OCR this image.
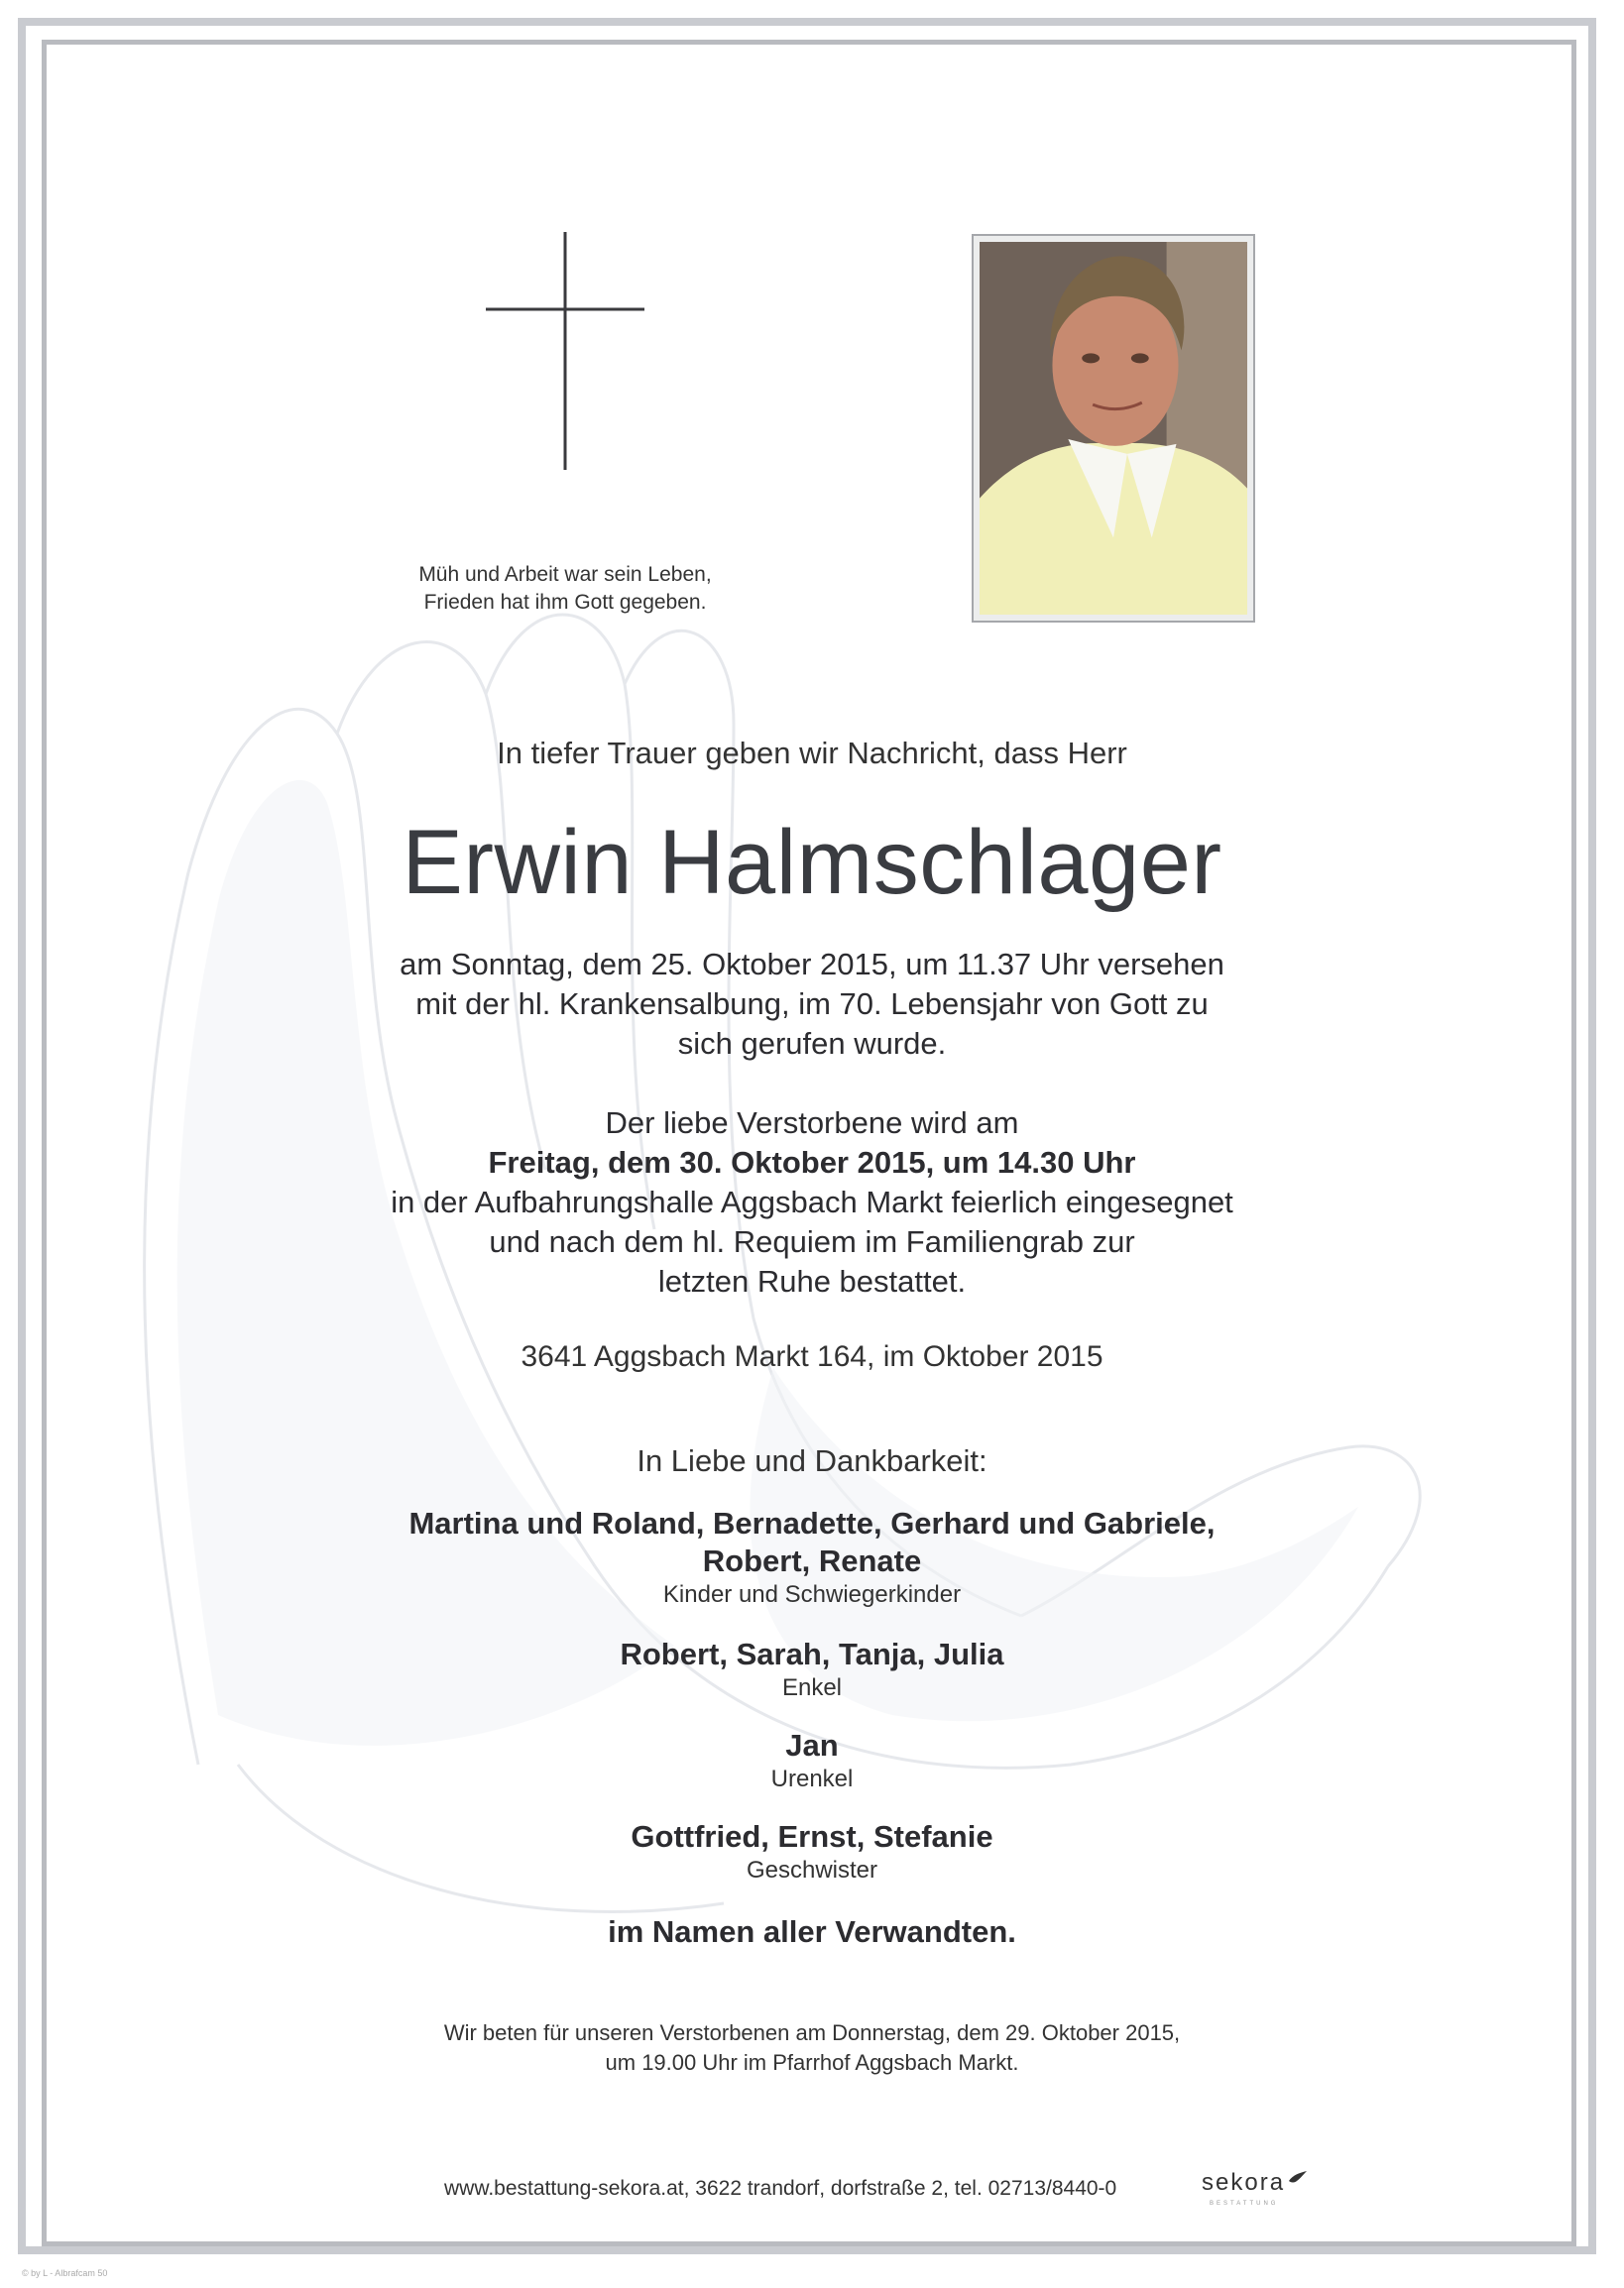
Müh und Arbeit war sein Leben,
Frieden hat ihm Gott gegeben.
In tiefer Trauer geben wir Nachricht, dass Herr
Erwin Halmschlager
am Sonntag, dem 25. Oktober 2015, um 11.37 Uhr versehen
mit der hl. Krankensalbung, im 70. Lebensjahr von Gott zu
sich gerufen wurde.
Der liebe Verstorbene wird am
Freitag, dem 30. Oktober 2015, um 14.30 Uhr
in der Aufbahrungshalle Aggsbach Markt feierlich eingesegnet
und nach dem hl. Requiem im Familiengrab zur
letzten Ruhe bestattet.
3641 Aggsbach Markt 164, im Oktober 2015
In Liebe und Dankbarkeit:
Martina und Roland, Bernadette, Gerhard und Gabriele,
Robert, Renate
Kinder und Schwiegerkinder
Robert, Sarah, Tanja, Julia
Enkel
Jan
Urenkel
Gottfried, Ernst, Stefanie
Geschwister
im Namen aller Verwandten.
Wir beten für unseren Verstorbenen am Donnerstag, dem 29. Oktober 2015,
um 19.00 Uhr im Pfarrhof Aggsbach Markt.
www.bestattung-sekora.at, 3622 trandorf, dorfstraße 2, tel. 02713/8440-0	sekora
BESTATTUNG
© by L - Albrafcam 50
